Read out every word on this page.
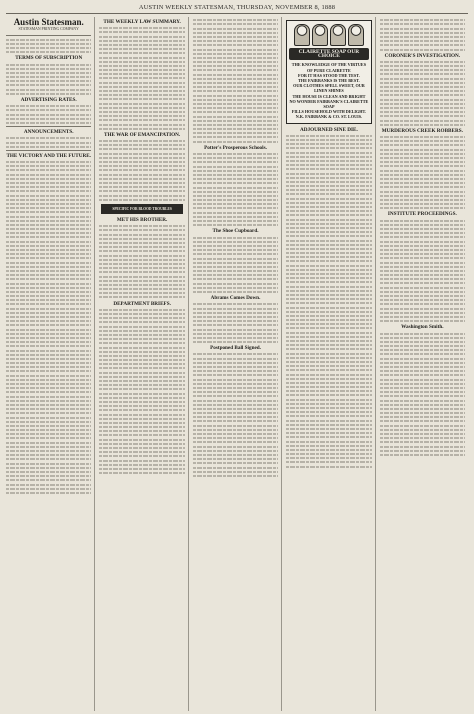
AUSTIN WEEKLY STATESMAN, THURSDAY, NOVEMBER 8, 1888
Austin Statesman.
STATESMAN PRINTING COMPANY
TERMS OF SUBSCRIPTION
ADVERTISING RATES.
ANNOUNCEMENTS.
THE VICTORY AND THE FUTURE.
THE WEEKLY LAW SUMMARY.
THE WAR OF EMANCIPATION.
SPECIFIC FOR BLOOD TROUBLES
MET HIS BROTHER.
DEPARTMENT BRIEFS.
Potter's Prosperous Schools.
The Shoe Cupboard.
Abrams Comes Down.
Postponed Ball Signed.
CLAIRETTE SOAP OUR CHOICE
THE KNOWLEDGE OF THE VIRTUES
OF PURE CLAIRETTE
FOR IT HAS STOOD THE TEST.
THE FAIRBANKS IS THE BEST.
OUR CLOTHES SPELL SWEET, OUR LINEN SHINES
THE HOUSE IS CLEAN AND BRIGHT
NO WONDER FAIRBANK'S CLAIRETTE SOAP
FILLS HOUSEHOLD WITH DELIGHT.
N.K. FAIRBANK & CO. ST. LOUIS.
ADJOURNED SINE DIE.
CORONER'S INVESTIGATION.
MURDEROUS CREEK ROBBERS.
INSTITUTE PROCEEDINGS.
Washington Smith.
